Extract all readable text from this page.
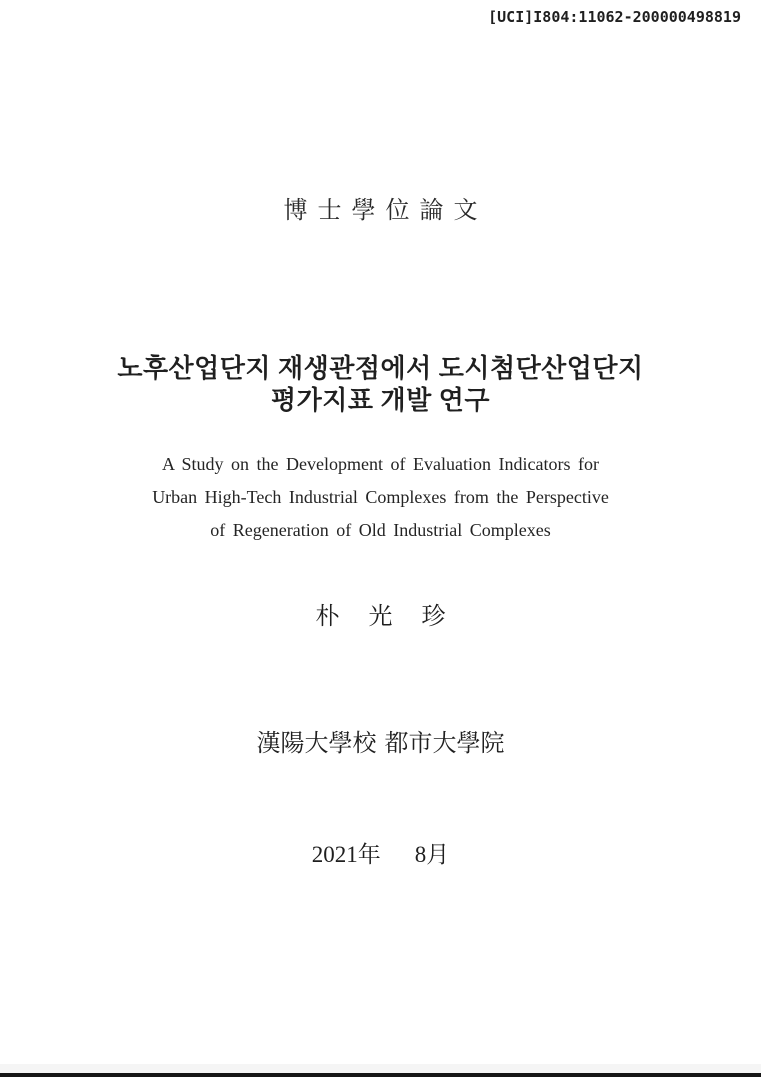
[UCI]I804:11062-200000498819
博 士 學 位 論 文
노후산업단지 재생관점에서 도시첨단산업단지
평가지표 개발 연구
A Study on the Development of Evaluation Indicators for
Urban High-Tech Industrial Complexes from the Perspective
of Regeneration of Old Industrial Complexes
朴 光 珍
漢陽大學校 都市大學院
2021年 8月
